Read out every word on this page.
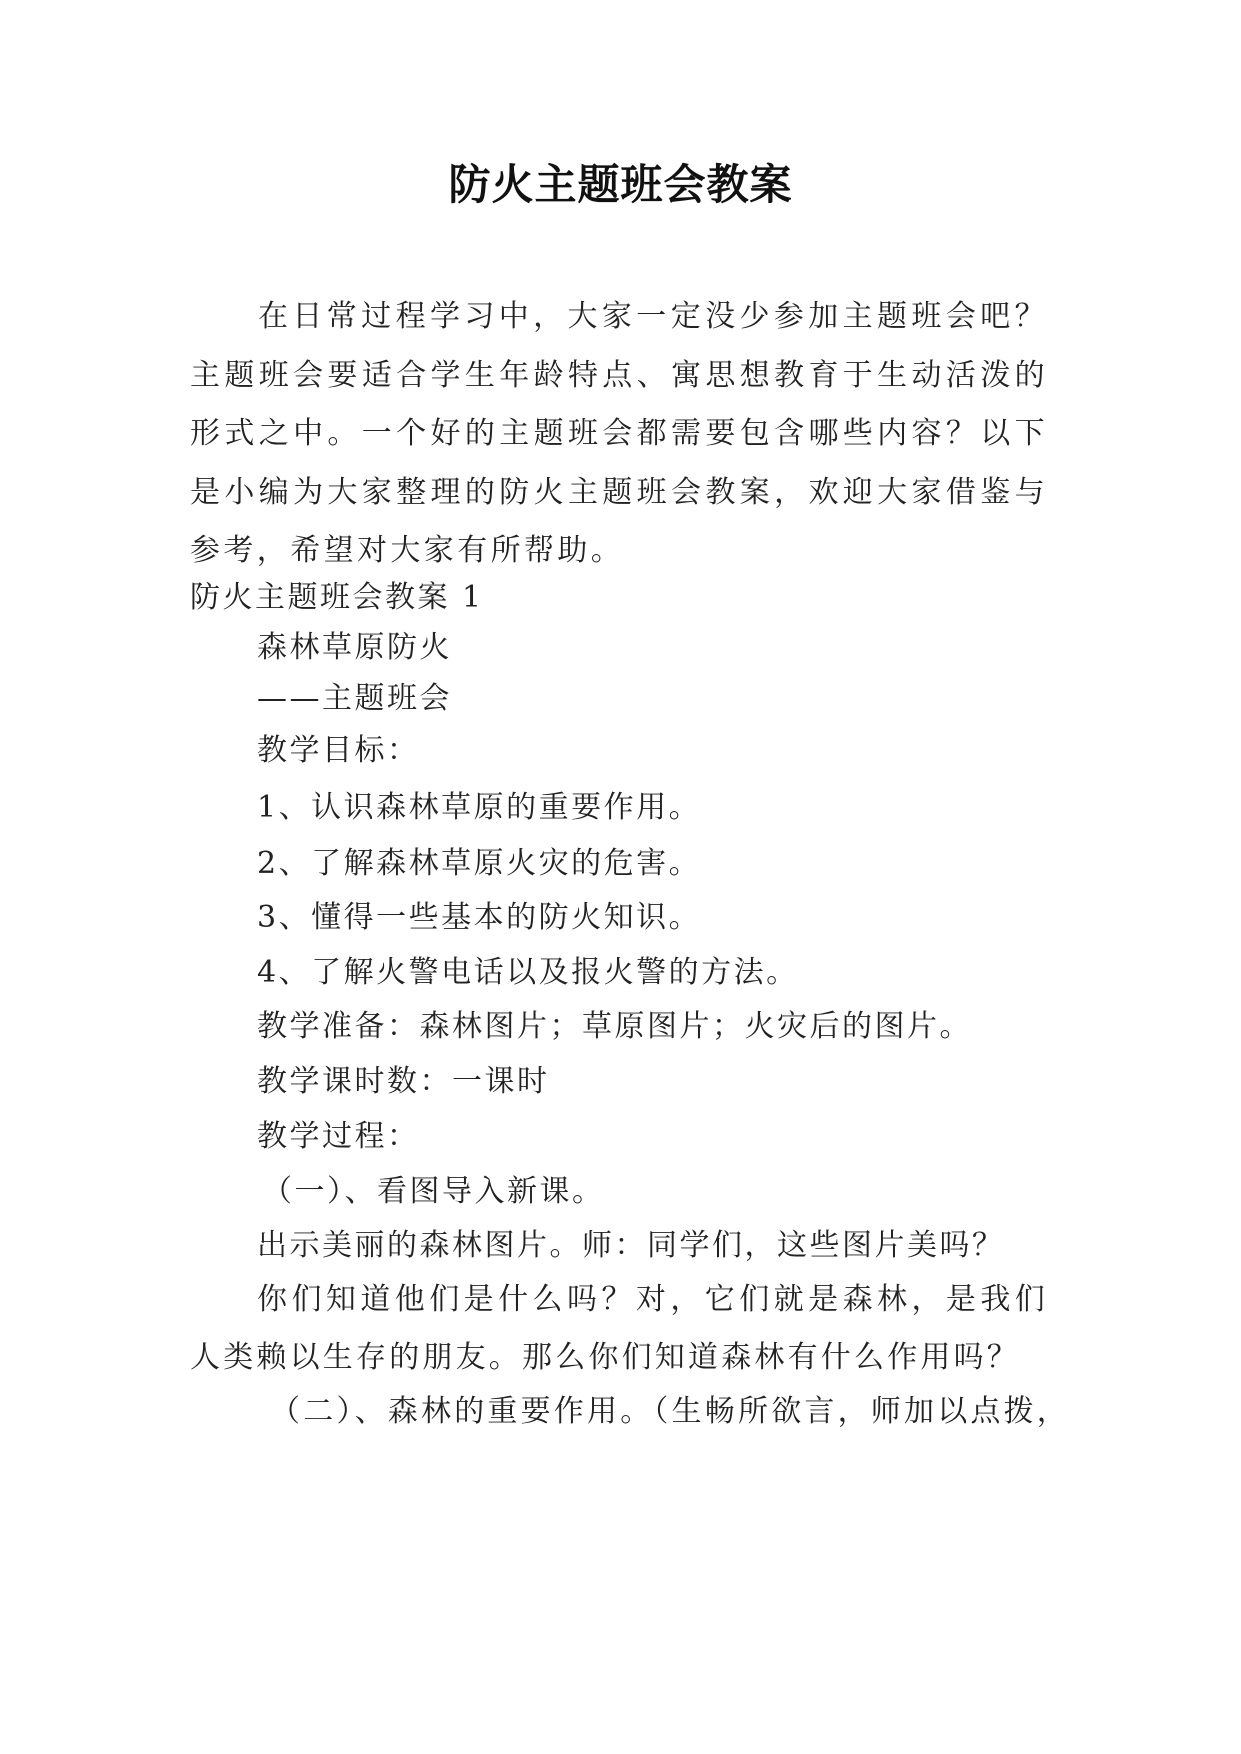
防火主题班会教案

在日常过程学习中，大家一定没少参加主题班会吧？主题班会要适合学生年龄特点、寓思想教育于生动活泼的形式之中。一个好的主题班会都需要包含哪些内容？以下是小编为大家整理的防火主题班会教案，欢迎大家借鉴与参考，希望对大家有所帮助。

防火主题班会教案 1
森林草原防火
——主题班会
教学目标：
1、认识森林草原的重要作用。
2、了解森林草原火灾的危害。
3、懂得一些基本的防火知识。
4、了解火警电话以及报火警的方法。
教学准备：森林图片；草原图片；火灾后的图片。
教学课时数：一课时
教学过程：
（一）、看图导入新课。
出示美丽的森林图片。师：同学们，这些图片美吗？

你们知道他们是什么吗？对，它们就是森林，是我们人类赖以生存的朋友。那么你们知道森林有什么作用吗？

（二）、森林的重要作用。（生畅所欲言，师加以点拨，
